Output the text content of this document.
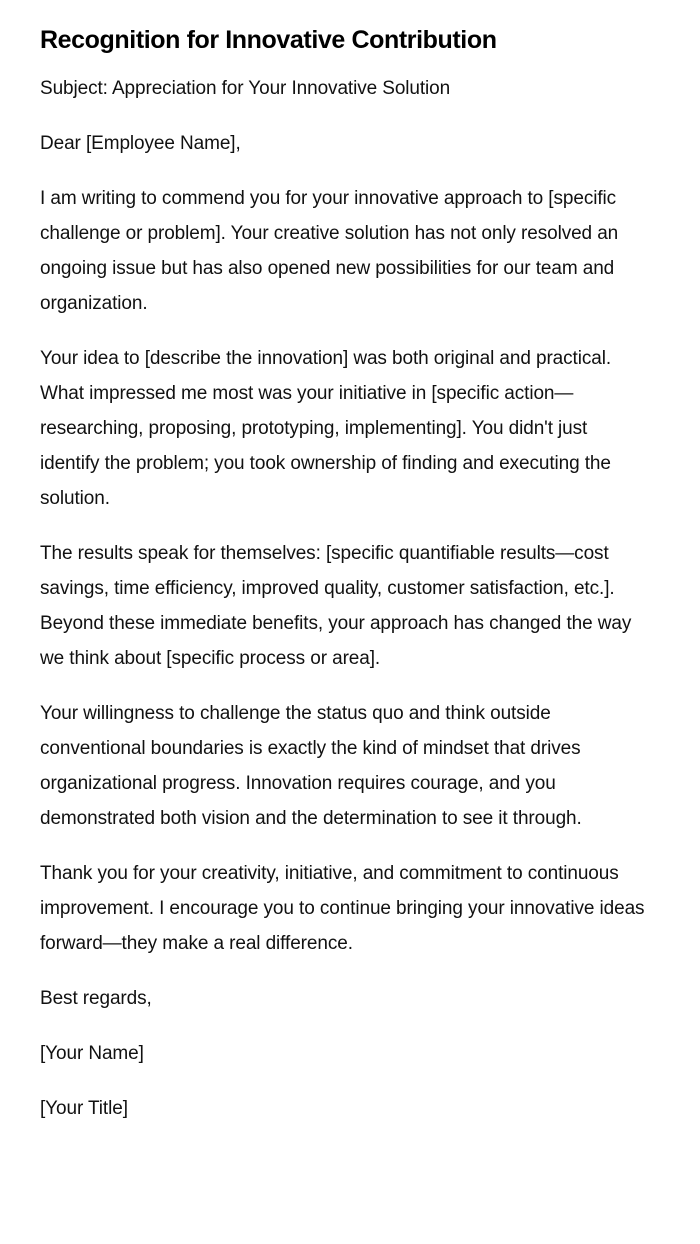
Recognition for Innovative Contribution

Subject: Appreciation for Your Innovative Solution

Dear [Employee Name],

I am writing to commend you for your innovative approach to [specific challenge or problem]. Your creative solution has not only resolved an ongoing issue but has also opened new possibilities for our team and organization.

Your idea to [describe the innovation] was both original and practical. What impressed me most was your initiative in [specific action—researching, proposing, prototyping, implementing]. You didn't just identify the problem; you took ownership of finding and executing the solution.

The results speak for themselves: [specific quantifiable results—cost savings, time efficiency, improved quality, customer satisfaction, etc.]. Beyond these immediate benefits, your approach has changed the way we think about [specific process or area].

Your willingness to challenge the status quo and think outside conventional boundaries is exactly the kind of mindset that drives organizational progress. Innovation requires courage, and you demonstrated both vision and the determination to see it through.

Thank you for your creativity, initiative, and commitment to continuous improvement. I encourage you to continue bringing your innovative ideas forward—they make a real difference.

Best regards,

[Your Name]

[Your Title]
